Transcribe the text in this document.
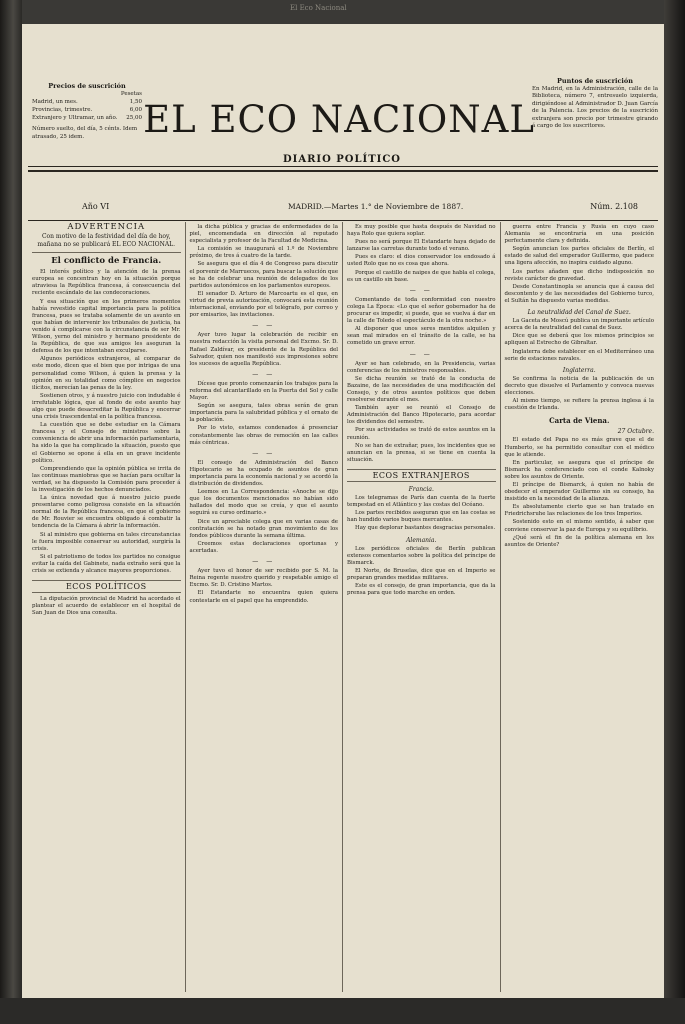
El Eco Nacional
Precios de suscrición
Pesetas
Madrid, un mes.	1,50
Provincias, trimestre.	6,00
Extranjero y Ultramar, un año. 25,00
Número suelto, del día, 5 cénts. Idem atrasado, 25 idem.	EL ECO NACIONAL
DIARIO POLÍTICO
Puntos de suscrición
En Madrid, en la Administración, calle de la Biblioteca, número 7, entresuelo izquierda, dirigiéndose al Administrador D. Juan García de la Palencia. Los precios de la suscrición extranjera son precio por trimestre girando á cargo de los suscritores.
Año VI	MADRID.—Martes 1.° de Noviembre de 1887.	Núm. 2.108
ADVERTENCIA
Con motivo de la festividad del día de hoy, mañana no se publicará EL ECO NACIONAL.
El conflicto de Francia.

El interés político y la atención de la prensa europea se concentran hoy en la situación porque atraviesa la República francesa, á consecuencia del reciente escándalo de las condecoraciones.

Y esa situación que en los primeros momentos había revestido capital importancia para la política francesa, pues se trataba solamente de un asunto en que habían de intervenir los tribunales de justicia, ha venido á complicarse con la circunstancia de ser Mr. Wilson, yerno del ministro y hermano presidente de la República, de que sus amigos les aseguran la defensa de los que intentaban exculparse.

Algunos periódicos extranjeros, al comparar de este modo, dicen que el bien que por intrigas de una personalidad como Wilson, á quien la prensa y la opinión en su totalidad como cómplice en negocios ilícitos, merecían las penas de la ley.

Sostienen otros, y á nuestro juicio con indudable é irrefutable lógica, que al fondo de este asunto hay algo que puede desacreditar la República y encerrar una crisis trascendental en la política francesa.

La cuestión que se debe estudiar en la Cámara francesa y el Consejo de ministros sobre la conveniencia de abrir una información parlamentaria, ha sido la que ha complicado la situación, puesto que el Gobierno se opone á ella en un grave incidente político.

Comprendiendo que la opinión pública se irrita de las continuas maniobras que se hacían para ocultar la verdad, se ha dispuesto la Comisión para proceder á la investigación de los hechos denunciados.

La única novedad que á nuestro juicio puede presentarse como peligrosa consiste en la situación normal de la República francesa, en que el gobierno de Mr. Rouvier se encuentra obligado á combatir la tendencia de la Cámara á abrir la información.

Si al ministro que gobierna en tales circunstancias le fuera imposible conservar su autoridad, surgiría la crisis.

Si el patriotismo de todos los partidos no consigue evitar la caída del Gabinete, nada extraño será que la crisis se extienda y alcance mayores proporciones.

ECOS POLÍTICOS

La diputación provincial de Madrid ha acordado el plantear el acuerdo de establecer en el hospital de San Juan de Dios una consulta.

la dicha pública y gracias de enfermedades de la piel, encomendada en dirección al reputado especialista y profesor de la Facultad de Medicina.

La comisión se inaugurará el 1.º de Noviembre próximo, de tres á cuatro de la tarde.

Se asegura que el día 4 de Congreso para discutir el porvenir de Marruecos, para buscar la solución que se ha de celebrar una reunión de delegados de los partidos autonómicos en los parlamentos europeos.

El senador D. Arturo de Marcoartu es el que, en virtud de previa autorización, convocará esta reunión internacional, enviando por el telégrafo, por correo y por emisarios, las invitaciones.

— —

Ayer tuvo lugar la celebración de recibir en nuestra redacción la visita personal del Excmo. Sr. D. Rafael Zaldívar, ex presidente de la República del Salvador, quien nos manifestó sus impresiones sobre los sucesos de aquella República.

— —

Dícese que pronto comenzarán los trabajos para la reforma del alcantarillado en la Puerta del Sol y calle Mayor.

Según se asegura, tales obras serán de gran importancia para la salubridad pública y el ornato de la población.

Por lo visto, estamos condenados á presenciar constantemente las obras de remoción en las calles más céntricas.

— —

El consejo de Administración del Banco Hipotecario se ha ocupado de asuntos de gran importancia para la economía nacional y se acordó la distribución de dividendos.

Leemos en La Correspondencia: «Anoche se dijo que los documentos mencionados no habían sido hallados del modo que se creía, y que el asunto seguirá su curso ordinario.»

Dice un apreciable colega que en varias casas de contratación se ha notado gran movimiento de los fondos públicos durante la semana última.

Creemos estas declaraciones oportunas y acertadas.

— —

Ayer tuvo el honor de ser recibido por S. M. la Reina regente nuestro querido y respetable amigo el Excmo. Sr. D. Cristino Martos.

El Estandarte no encuentra quien quiera contestarle en el papel que ha emprendido.

Es muy posible que hasta después de Navidad no haya Rolo que quiera soplar.

Pues no será porque El Estandarte haya dejado de lanzarse las carretas durante todo el verano.

Pues es claro: el dios conservador los endosado á usted Rolo que no es cosa que ahora.

Porque el castillo de naipes de que habla el colega, es un castillo sin base.

— —

Comentando de toda conformidad con nuestro colega La Época: «Lo que el señor gobernador ha de procurar es impedir, si puede, que se vuelva á dar en la calle de Toledo el espectáculo de la otra noche.»

Al disponer que unos seres mentidos alquilen y sean mal mirados en el tránsito de la calle, se ha cometido un grave error.

— —

Ayer se han celebrado, en la Presidencia, varias conferencias de los ministros responsables.

Se dicha reunión se trató de la conducta de Bazaine, de las necesidades de una modificación del Consejo, y de otros asuntos políticos que deben resolverse durante el mes.

También ayer se reunió el Consejo de Administración del Banco Hipotecario, para acordar los dividendos del semestre.

Por sus actividades se trató de estos asuntos en la reunión.

No se han de extrañar, pues, los incidentes que se anuncian en la prensa, si se tiene en cuenta la situación.

ECOS EXTRANJEROS
Francia.

Los telegramas de París dan cuenta de la fuerte tempestad en el Atlántico y las costas del Océano.

Los partes recibidos aseguran que en las costas se han hundido varios buques mercantes.

Hay que deplorar bastantes desgracias personales.

Alemania.

Los periódicos oficiales de Berlín publican extensos comentarios sobre la política del príncipe de Bismarck.

El Norte, de Bruselas, dice que en el Imperio se preparan grandes medidas militares.

Este es el consejo, de gran importancia, que da la prensa para que todo marche en orden.

guerra entre Francia y Rusia en cuyo caso Alemania se encontraría en una posición perfectamente clara y definida.

Según anuncian los partes oficiales de Berlín, el estado de salud del emperador Guillermo, que padece una ligera afección, no inspira cuidado alguno.

Los partes añaden que dicho indisposición no reviste carácter de gravedad.

Desde Constantinopla se anuncia que á causa del descontento y de las necesidades del Gobierno turco, el Sultán ha dispuesto varias medidas.

La neutralidad del Canal de Suez.

La Gaceta de Moscú publica un importante artículo acerca de la neutralidad del canal de Suez.

Dice que se deberá que los mismos principios se apliquen al Estrecho de Gibraltar.

Inglaterra debe establecer en el Mediterráneo una serie de estaciones navales.

Inglaterra.

Se confirma la noticia de la publicación de un decreto que disuelve el Parlamento y convoca nuevas elecciones.

Al mismo tiempo, se refiere la prensa inglesa á la cuestión de Irlanda.

Carta de Viena.
27 Octubre.

El estado del Papa no es más grave que el de Humberto, se ha permitido consultar con el médico que le atiende.

En particular, se asegura que el príncipe de Bismarck ha conferenciado con el conde Kalnoky sobre los asuntos de Oriente.

El príncipe de Bismarck, á quien no había de obedecer el emperador Guillermo sin su consejo, ha insistido en la necesidad de la alianza.

Es absolutamente cierto que se han tratado en Friedrichsruhe las relaciones de los tres Imperios.

Sostenido esto en el mismo sentido, á saber que conviene conservar la paz de Europa y su equilibrio.

¿Qué será el fin de la política alemana en los asuntos de Oriente?
